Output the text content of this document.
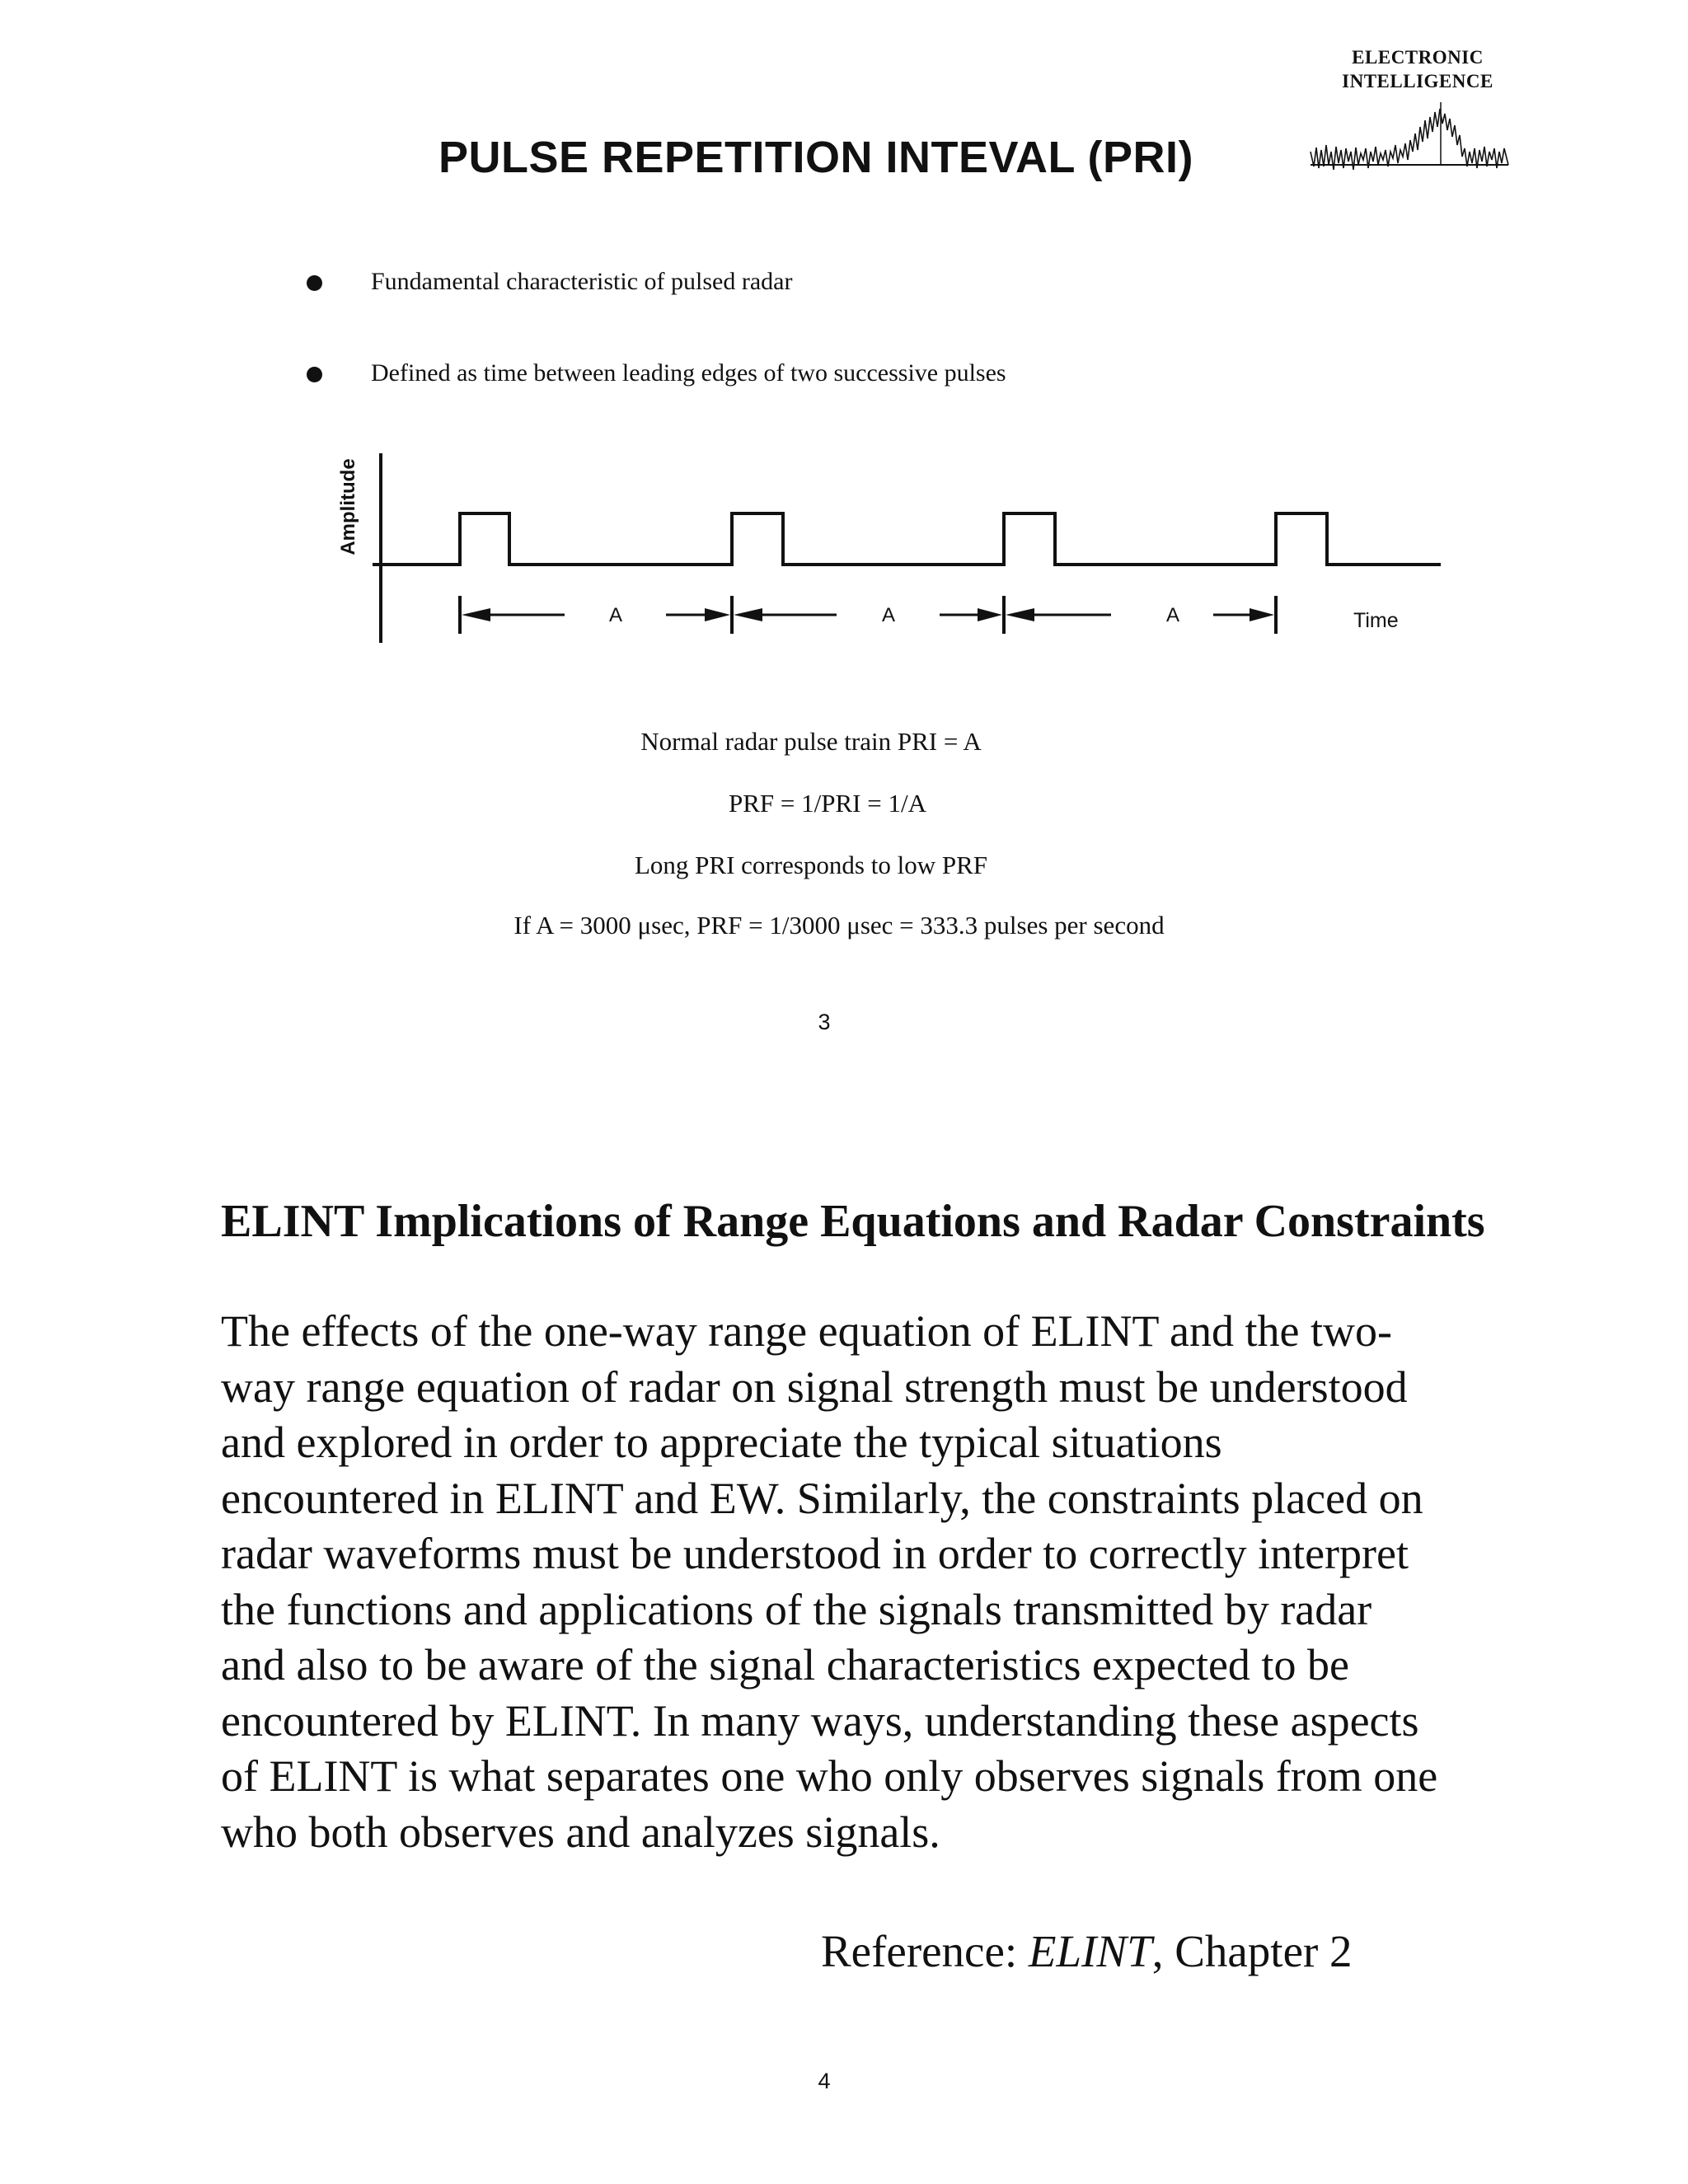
ELECTRONIC
INTELLIGENCE
PULSE REPETITION INTEVAL (PRI)
Fundamental characteristic of pulsed radar
Defined as time between leading edges of two successive pulses
Amplitude
A	A	A	Time
Normal radar pulse train PRI = A
PRF = 1/PRI = 1/A
Long PRI corresponds to low PRF
If A = 3000 μsec, PRF = 1/3000 μsec = 333.3 pulses per second
3
ELINT Implications of Range Equations and Radar Constraints
The effects of the one-way range equation of ELINT and the two-
way range equation of radar on signal strength must be understood
and explored in order to appreciate the typical situations
encountered in ELINT and EW. Similarly, the constraints placed on
radar waveforms must be understood in order to correctly interpret
the functions and applications of the signals transmitted by radar
and also to be aware of the signal characteristics expected to be
encountered by ELINT. In many ways, understanding these aspects
of ELINT is what separates one who only observes signals from one
who both observes and analyzes signals.
Reference: ELINT, Chapter 2
4
